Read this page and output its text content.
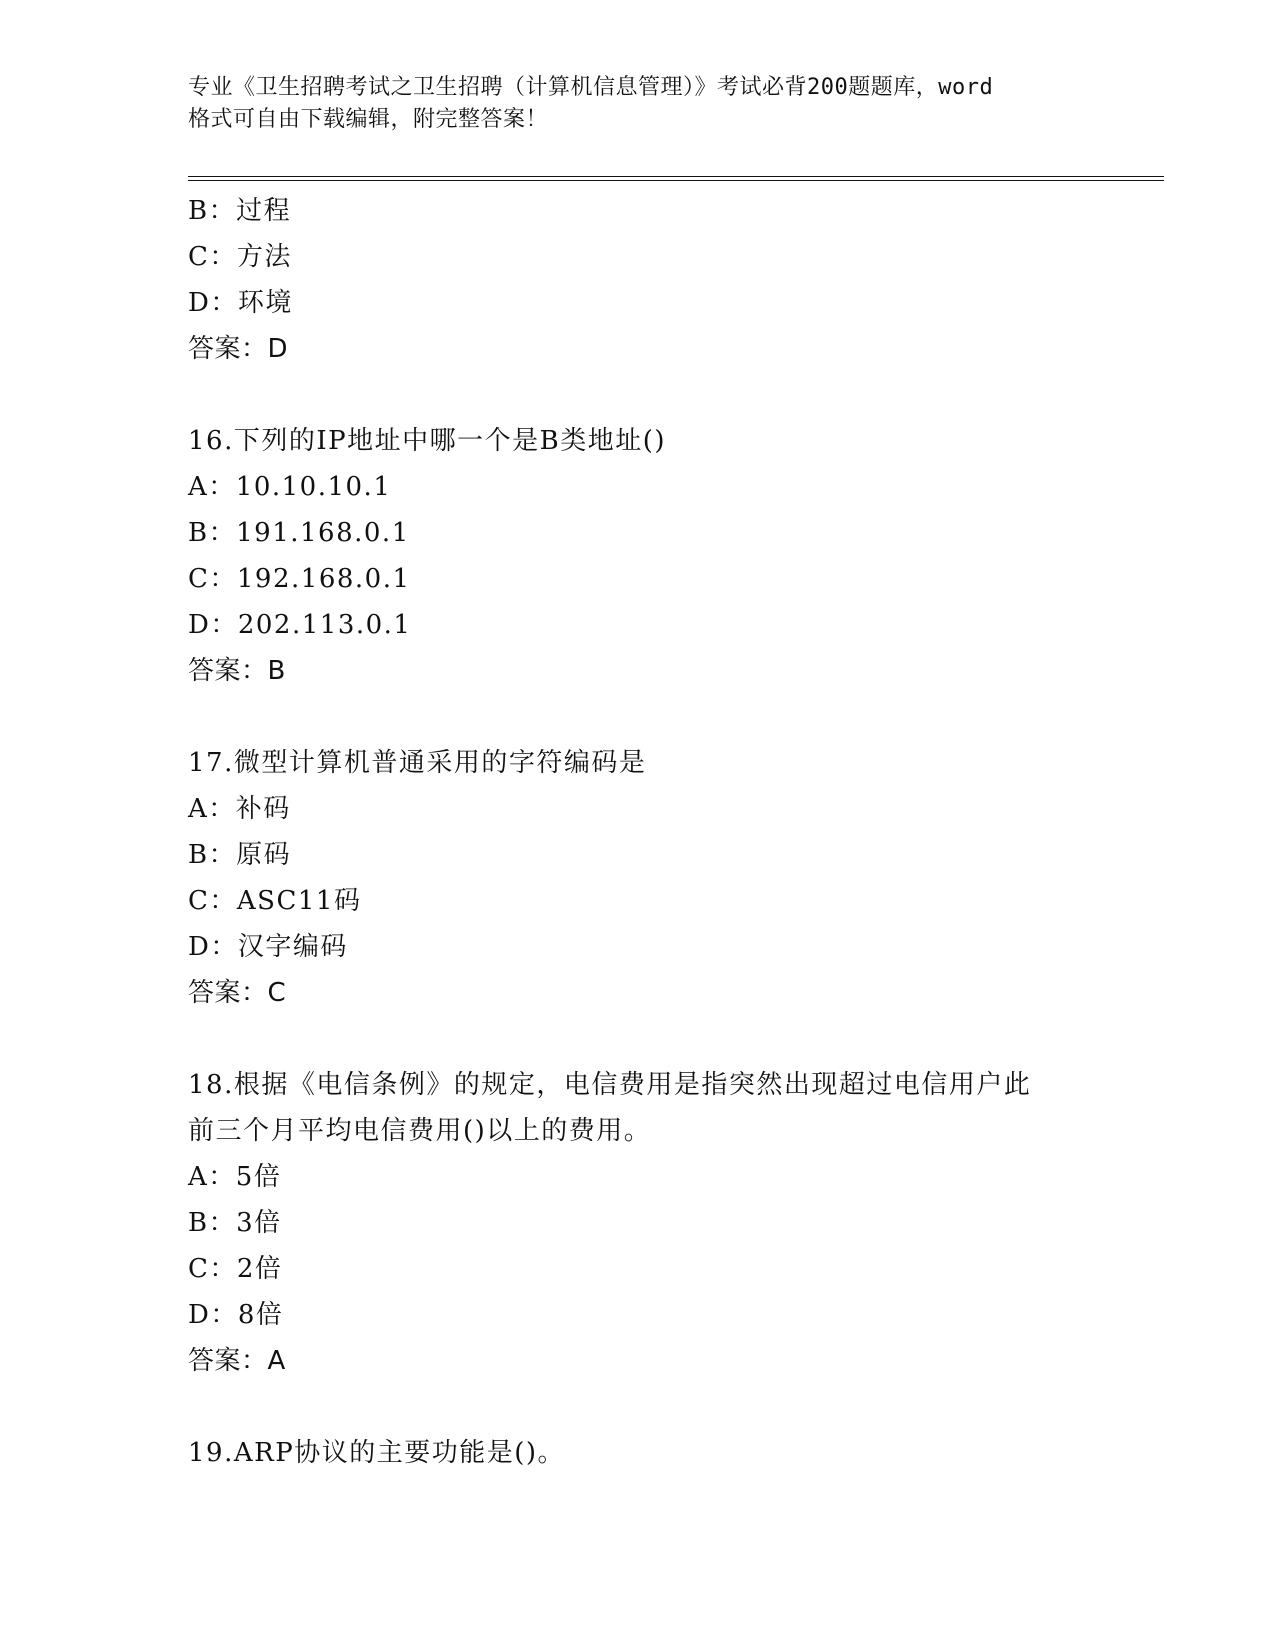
专业《卫生招聘考试之卫生招聘（计算机信息管理）》考试必背200题题库，word
格式可自由下载编辑，附完整答案！
B：过程
C：方法
D：环境
答案：D
16.下列的IP地址中哪一个是B类地址()
A：10.10.10.1
B：191.168.0.1
C：192.168.0.1
D：202.113.0.1
答案：B
17.微型计算机普通采用的字符编码是
A：补码
B：原码
C：ASC11码
D：汉字编码
答案：C
18.根据《电信条例》的规定，电信费用是指突然出现超过电信用户此
前三个月平均电信费用()以上的费用。
A：5倍
B：3倍
C：2倍
D：8倍
答案：A
19.ARP协议的主要功能是()。
